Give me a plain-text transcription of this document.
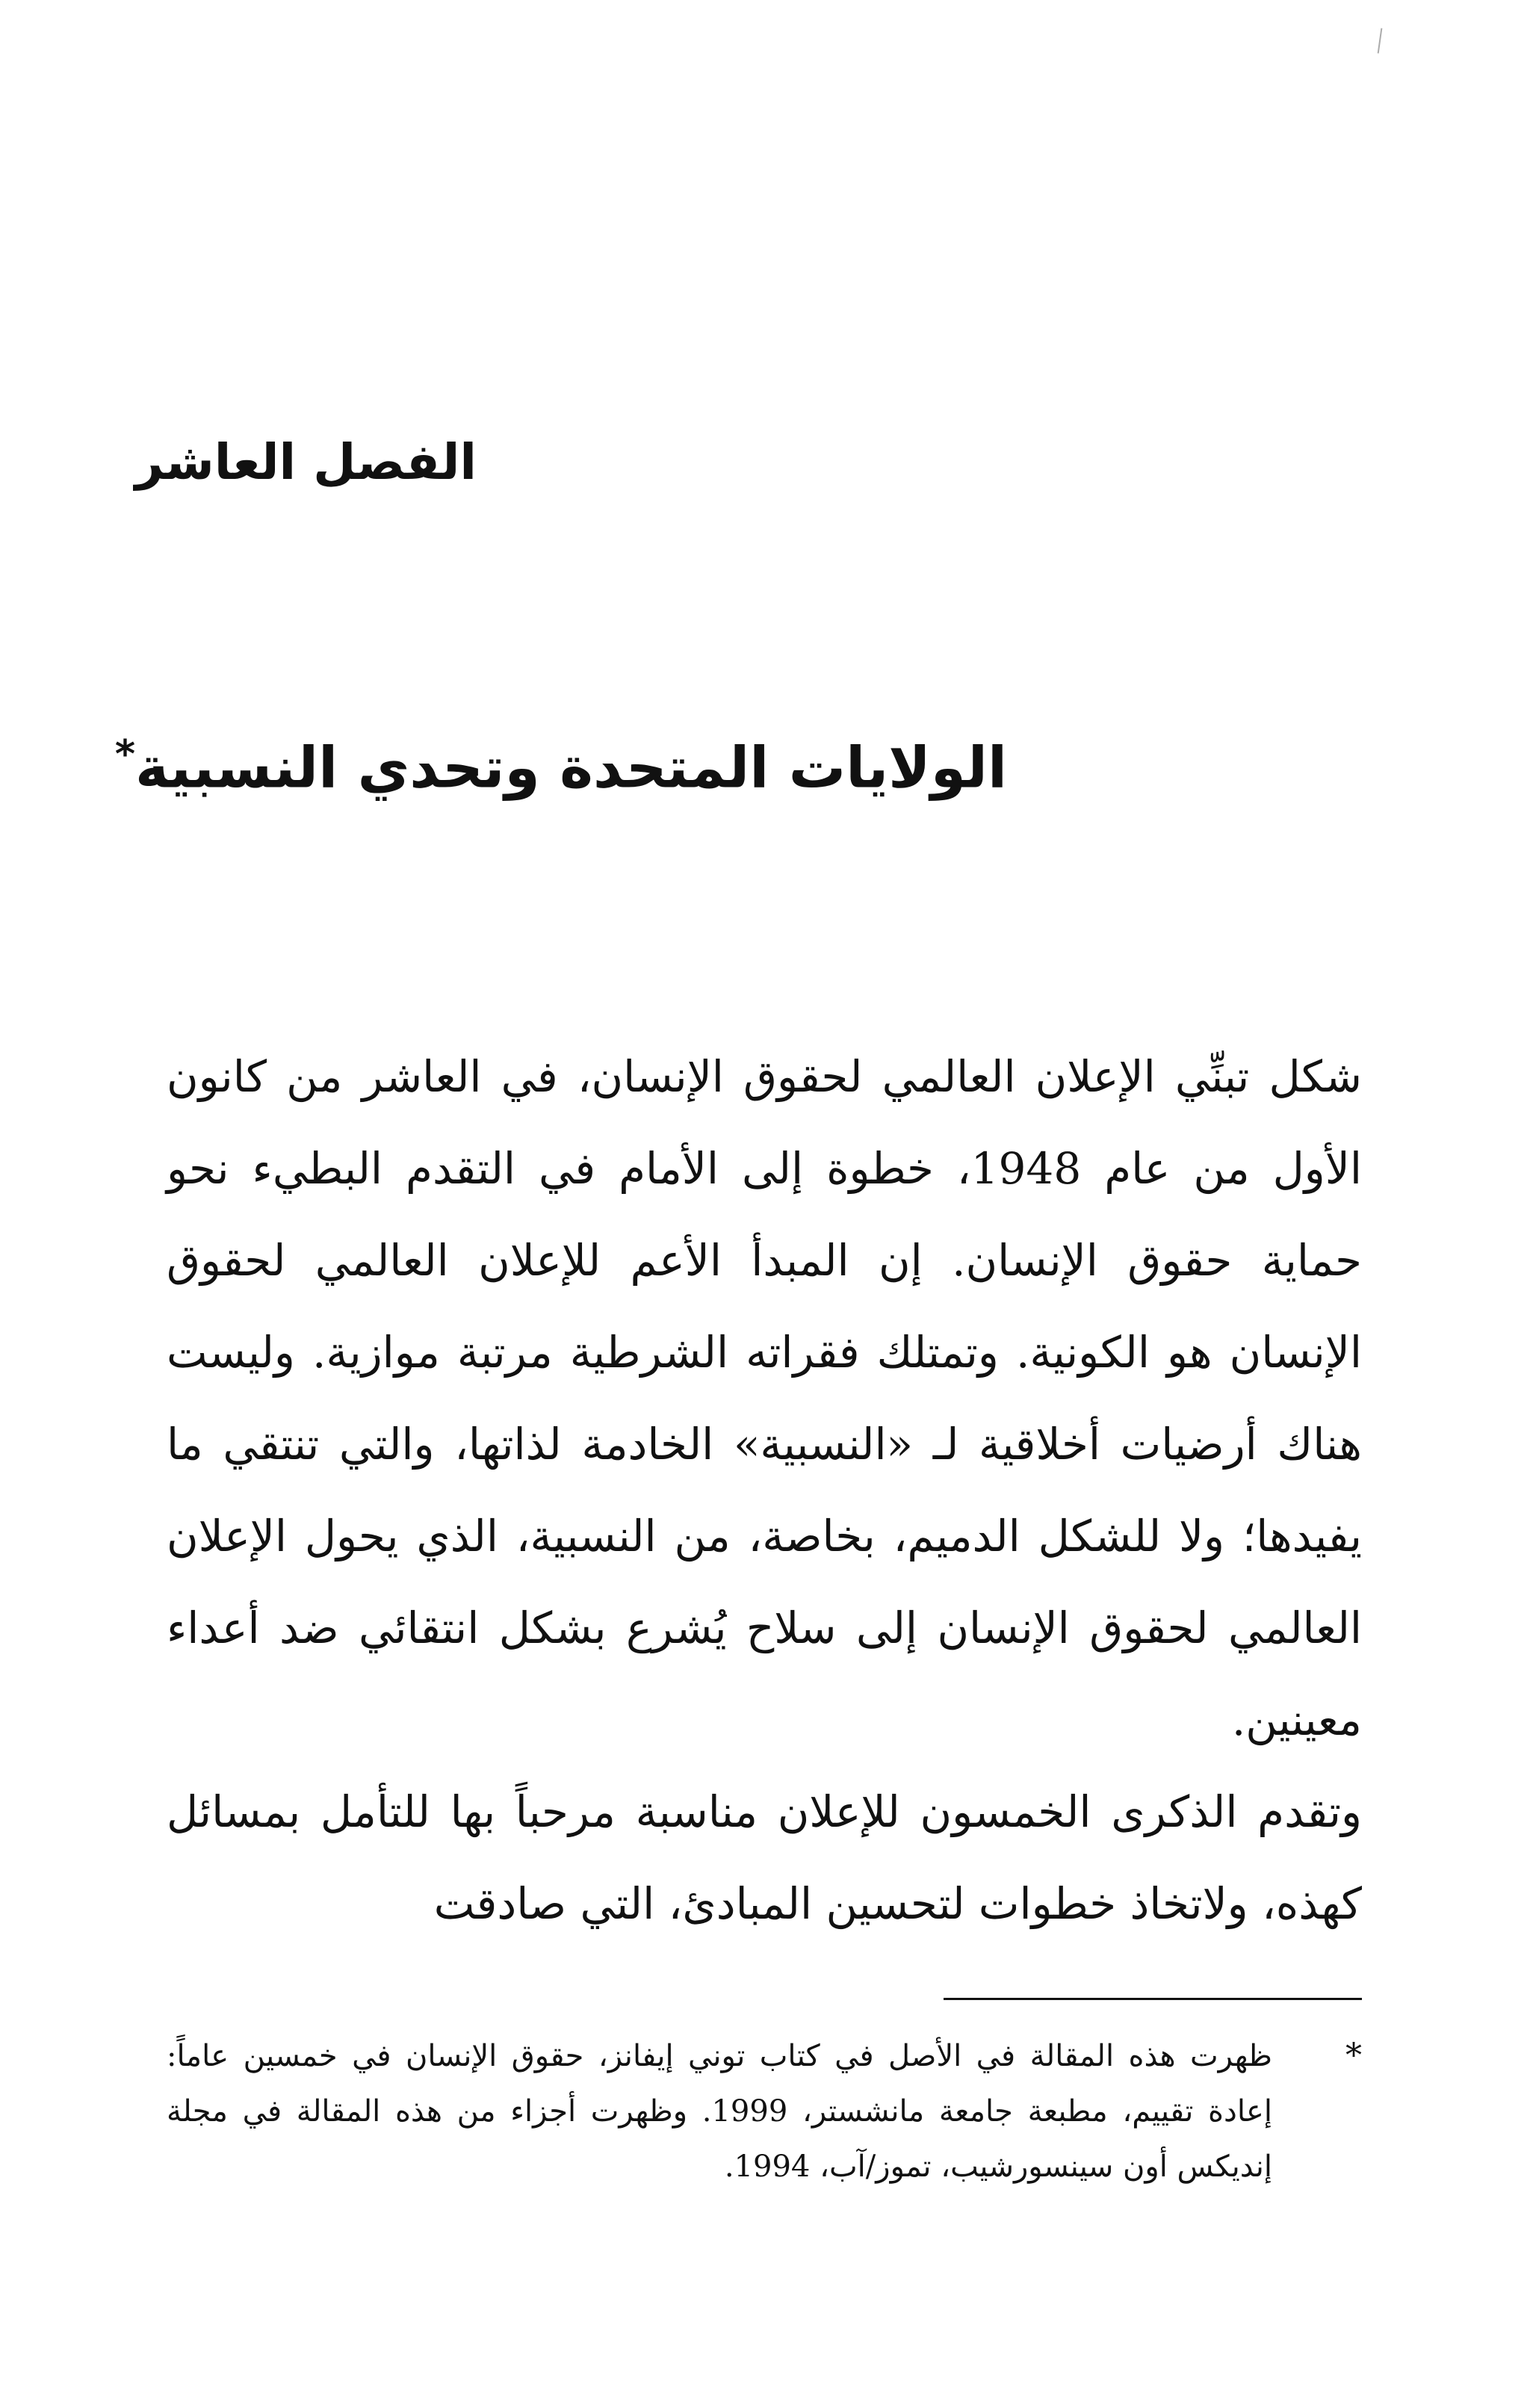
الفصل العاشر
الولايات المتحدة وتحدي النسبية*

شكل تبنِّي الإعلان العالمي لحقوق الإنسان، في العاشر من كانون الأول من عام 1948، خطوة إلى الأمام في التقدم البطيء نحو حماية حقوق الإنسان. إن المبدأ الأعم للإعلان العالمي لحقوق الإنسان هو الكونية. وتمتلك فقراته الشرطية مرتبة موازية. وليست هناك أرضيات أخلاقية لـ «النسبية» الخادمة لذاتها، والتي تنتقي ما يفيدها؛ ولا للشكل الدميم، بخاصة، من النسبية، الذي يحول الإعلان العالمي لحقوق الإنسان إلى سلاح يُشرع بشكل انتقائي ضد أعداء معينين.

وتقدم الذكرى الخمسون للإعلان مناسبة مرحباً بها للتأمل بمسائل كهذه، ولاتخاذ خطوات لتحسين المبادئ، التي صادقت

*
ظهرت هذه المقالة في الأصل في كتاب توني إيفانز، حقوق الإنسان في خمسين عاماً: إعادة تقييم، مطبعة جامعة مانشستر، 1999. وظهرت أجزاء من هذه المقالة في مجلة إنديكس أون سينسورشيب، تموز/آب، 1994.
